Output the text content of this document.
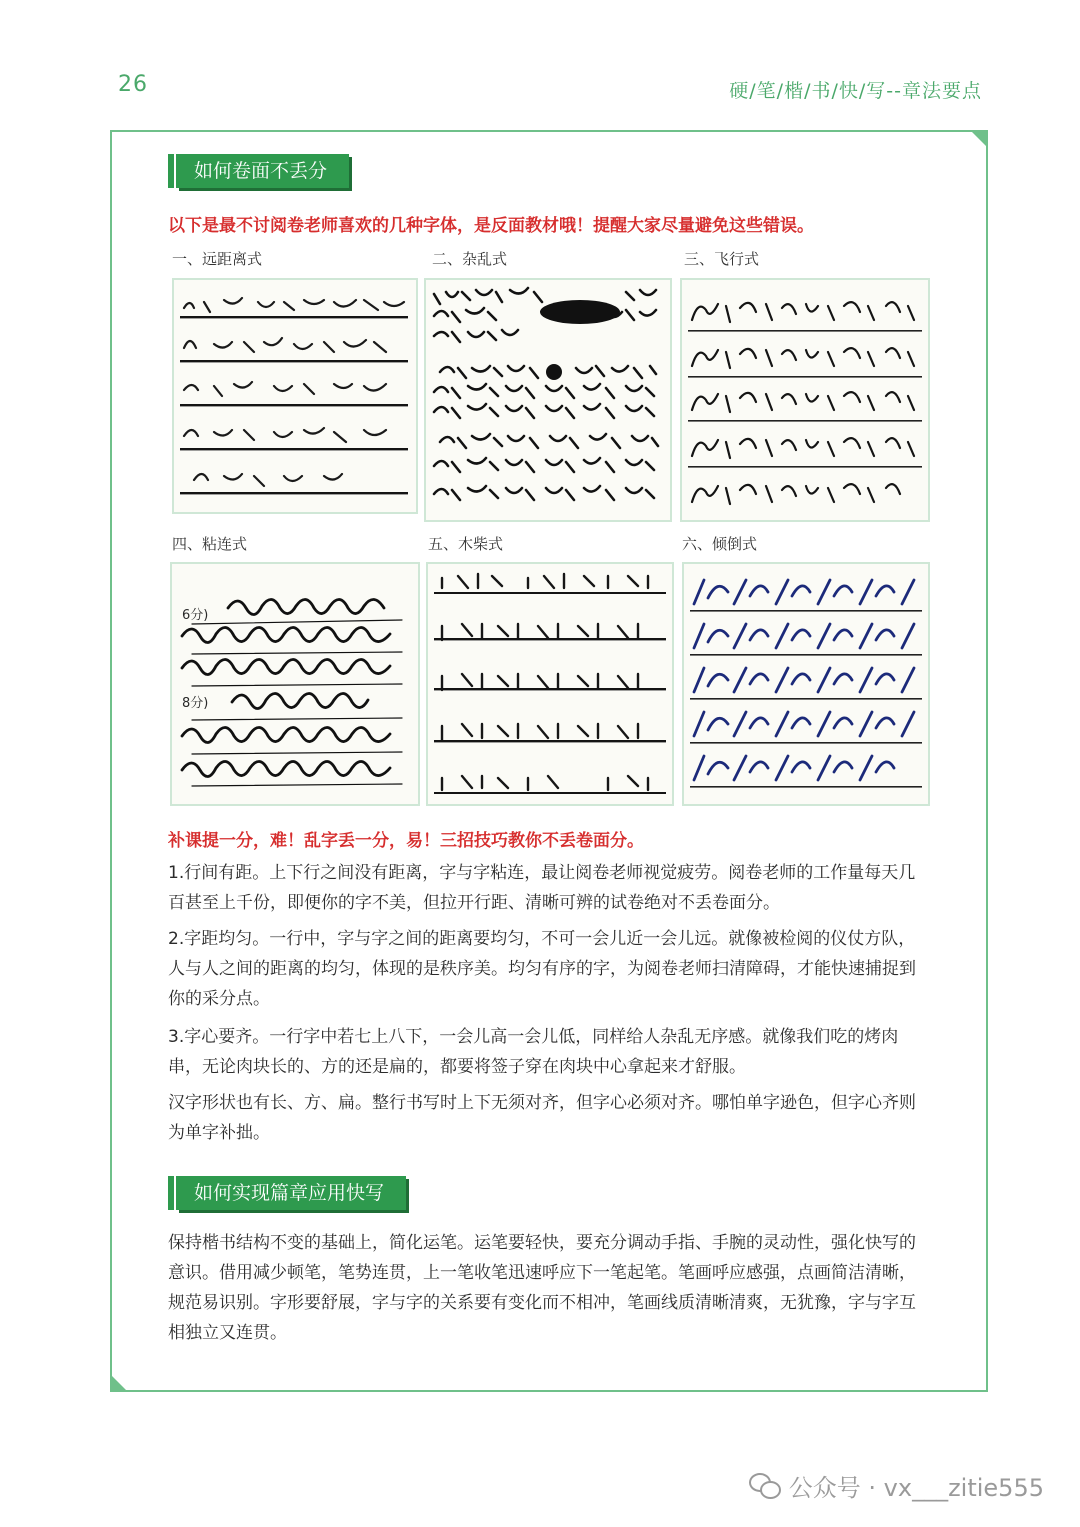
26	硬/笔/楷/书/快/写--章法要点
如何卷面不丢分
以下是最不讨阅卷老师喜欢的几种字体，是反面教材哦！提醒大家尽量避免这些错误。
一、远距离式	二、杂乱式	三、飞行式
四、粘连式	五、木柴式	六、倾倒式
6分)
8分)
补课提一分，难！乱字丢一分，易！三招技巧教你不丢卷面分。
1.行间有距。上下行之间没有距离，字与字粘连，最让阅卷老师视觉疲劳。阅卷老师的工作量每天几百甚至上千份，即便你的字不美，但拉开行距、清晰可辨的试卷绝对不丢卷面分。
2.字距均匀。一行中，字与字之间的距离要均匀，不可一会儿近一会儿远。就像被检阅的仪仗方队，人与人之间的距离的均匀，体现的是秩序美。均匀有序的字，为阅卷老师扫清障碍，才能快速捕捉到你的采分点。
3.字心要齐。一行字中若七上八下，一会儿高一会儿低，同样给人杂乱无序感。就像我们吃的烤肉串，无论肉块长的、方的还是扁的，都要将签子穿在肉块中心拿起来才舒服。
汉字形状也有长、方、扁。整行书写时上下无须对齐，但字心必须对齐。哪怕单字逊色，但字心齐则为单字补拙。
如何实现篇章应用快写
保持楷书结构不变的基础上，简化运笔。运笔要轻快，要充分调动手指、手腕的灵动性，强化快写的意识。借用减少顿笔，笔势连贯，上一笔收笔迅速呼应下一笔起笔。笔画呼应感强，点画简洁清晰，规范易识别。字形要舒展，字与字的关系要有变化而不相冲，笔画线质清晰清爽，无犹豫，字与字互相独立又连贯。
公众号 · vx___zitie555
